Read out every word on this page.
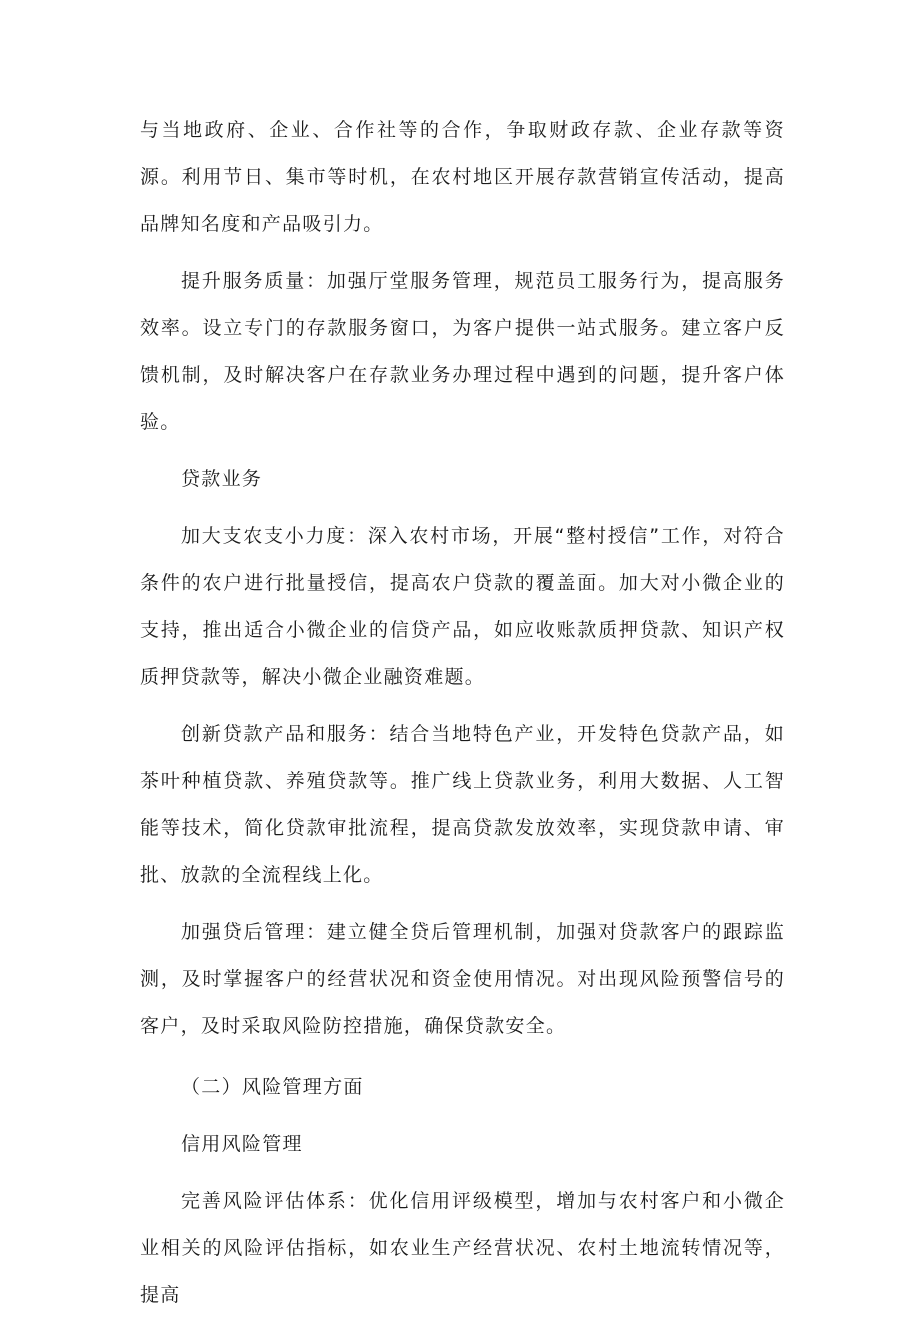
与当地政府、企业、合作社等的合作，争取财政存款、企业存款等资源。利用节日、集市等时机，在农村地区开展存款营销宣传活动，提高品牌知名度和产品吸引力。

提升服务质量：加强厅堂服务管理，规范员工服务行为，提高服务效率。设立专门的存款服务窗口，为客户提供一站式服务。建立客户反馈机制，及时解决客户在存款业务办理过程中遇到的问题，提升客户体验。

贷款业务

加大支农支小力度：深入农村市场，开展“整村授信”工作，对符合条件的农户进行批量授信，提高农户贷款的覆盖面。加大对小微企业的支持，推出适合小微企业的信贷产品，如应收账款质押贷款、知识产权质押贷款等，解决小微企业融资难题。

创新贷款产品和服务：结合当地特色产业，开发特色贷款产品，如茶叶种植贷款、养殖贷款等。推广线上贷款业务，利用大数据、人工智能等技术，简化贷款审批流程，提高贷款发放效率，实现贷款申请、审批、放款的全流程线上化。

加强贷后管理：建立健全贷后管理机制，加强对贷款客户的跟踪监测，及时掌握客户的经营状况和资金使用情况。对出现风险预警信号的客户，及时采取风险防控措施，确保贷款安全。

（二）风险管理方面

信用风险管理

完善风险评估体系：优化信用评级模型，增加与农村客户和小微企业相关的风险评估指标，如农业生产经营状况、农村土地流转情况等，提高
